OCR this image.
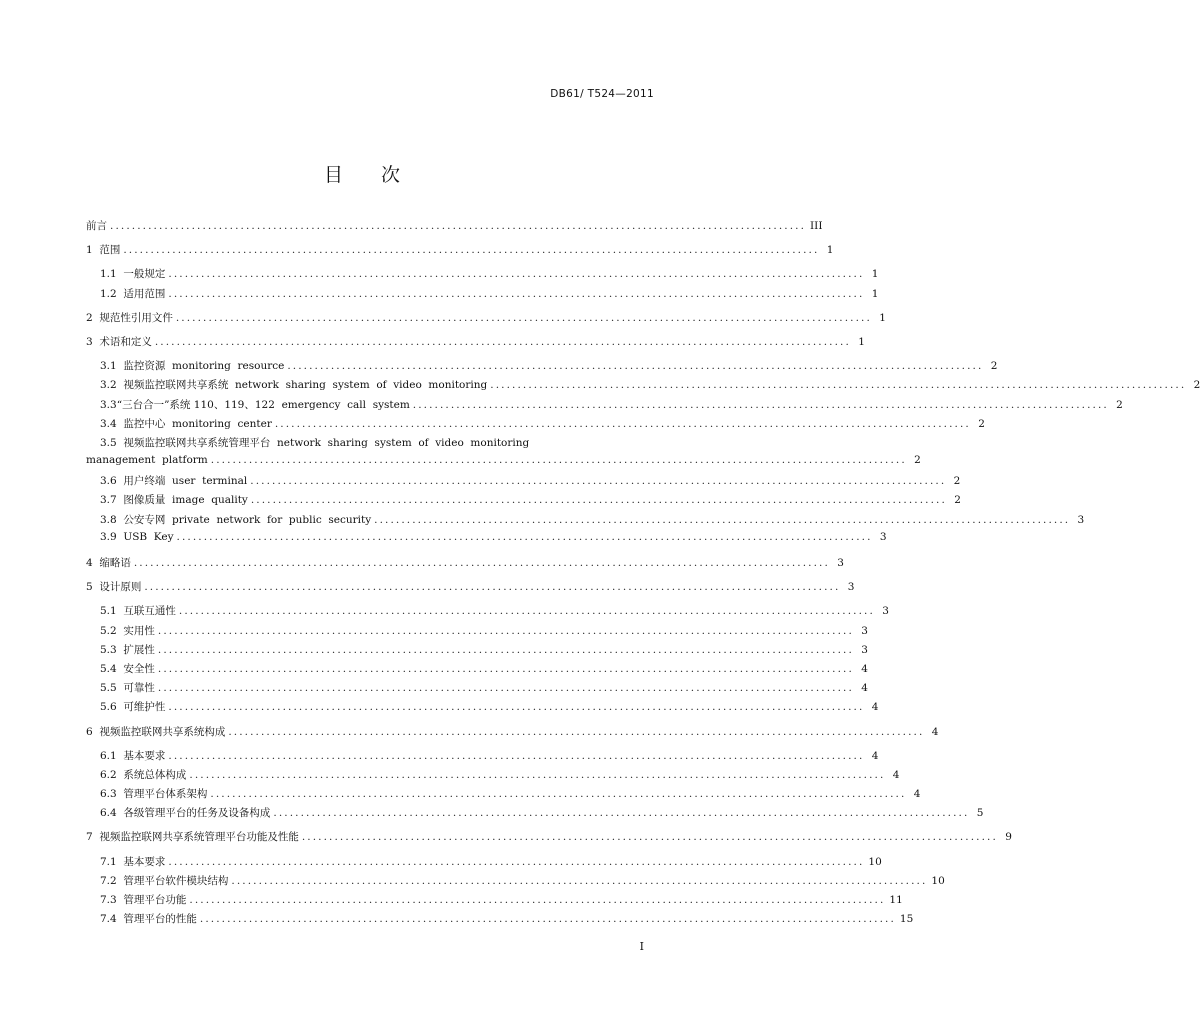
DB61/ T524—2011
目 次
前言 ................................................................................................................................ III
1  范围 ................................................................................................................................ 1
1.1  一般规定 ................................................................................................................................ 1
1.2  适用范围 ................................................................................................................................ 1
2  规范性引用文件 ................................................................................................................................ 1
3  术语和定义 ................................................................................................................................ 1
3.1  监控资源  monitoring  resource ................................................................................................................................ 2
3.2  视频监控联网共享系统  network  sharing  system  of  video  monitoring ................................................................................................................................ 2
3.3“三台合一”系统 110、119、122  emergency  call  system ................................................................................................................................ 2
3.4  监控中心  monitoring  center ................................................................................................................................ 2
3.5  视频监控联网共享系统管理平台  network  sharing  system  of  video  monitoring
management  platform ................................................................................................................................ 2
3.6  用户终端  user  terminal ................................................................................................................................ 2
3.7  图像质量  image  quality ................................................................................................................................ 2
3.8  公安专网  private  network  for  public  security ................................................................................................................................ 3
3.9  USB  Key ................................................................................................................................ 3
4  缩略语 ................................................................................................................................ 3
5  设计原则 ................................................................................................................................ 3
5.1  互联互通性 ................................................................................................................................ 3
5.2  实用性 ................................................................................................................................ 3
5.3  扩展性 ................................................................................................................................ 3
5.4  安全性 ................................................................................................................................ 4
5.5  可靠性 ................................................................................................................................ 4
5.6  可维护性 ................................................................................................................................ 4
6  视频监控联网共享系统构成 ................................................................................................................................ 4
6.1  基本要求 ................................................................................................................................ 4
6.2  系统总体构成 ................................................................................................................................ 4
6.3  管理平台体系架构 ................................................................................................................................ 4
6.4  各级管理平台的任务及设备构成 ................................................................................................................................ 5
7  视频监控联网共享系统管理平台功能及性能 ................................................................................................................................ 9
7.1  基本要求 ................................................................................................................................ 10
7.2  管理平台软件模块结构 ................................................................................................................................ 10
7.3  管理平台功能 ................................................................................................................................ 11
7.4  管理平台的性能 ................................................................................................................................ 15
I
